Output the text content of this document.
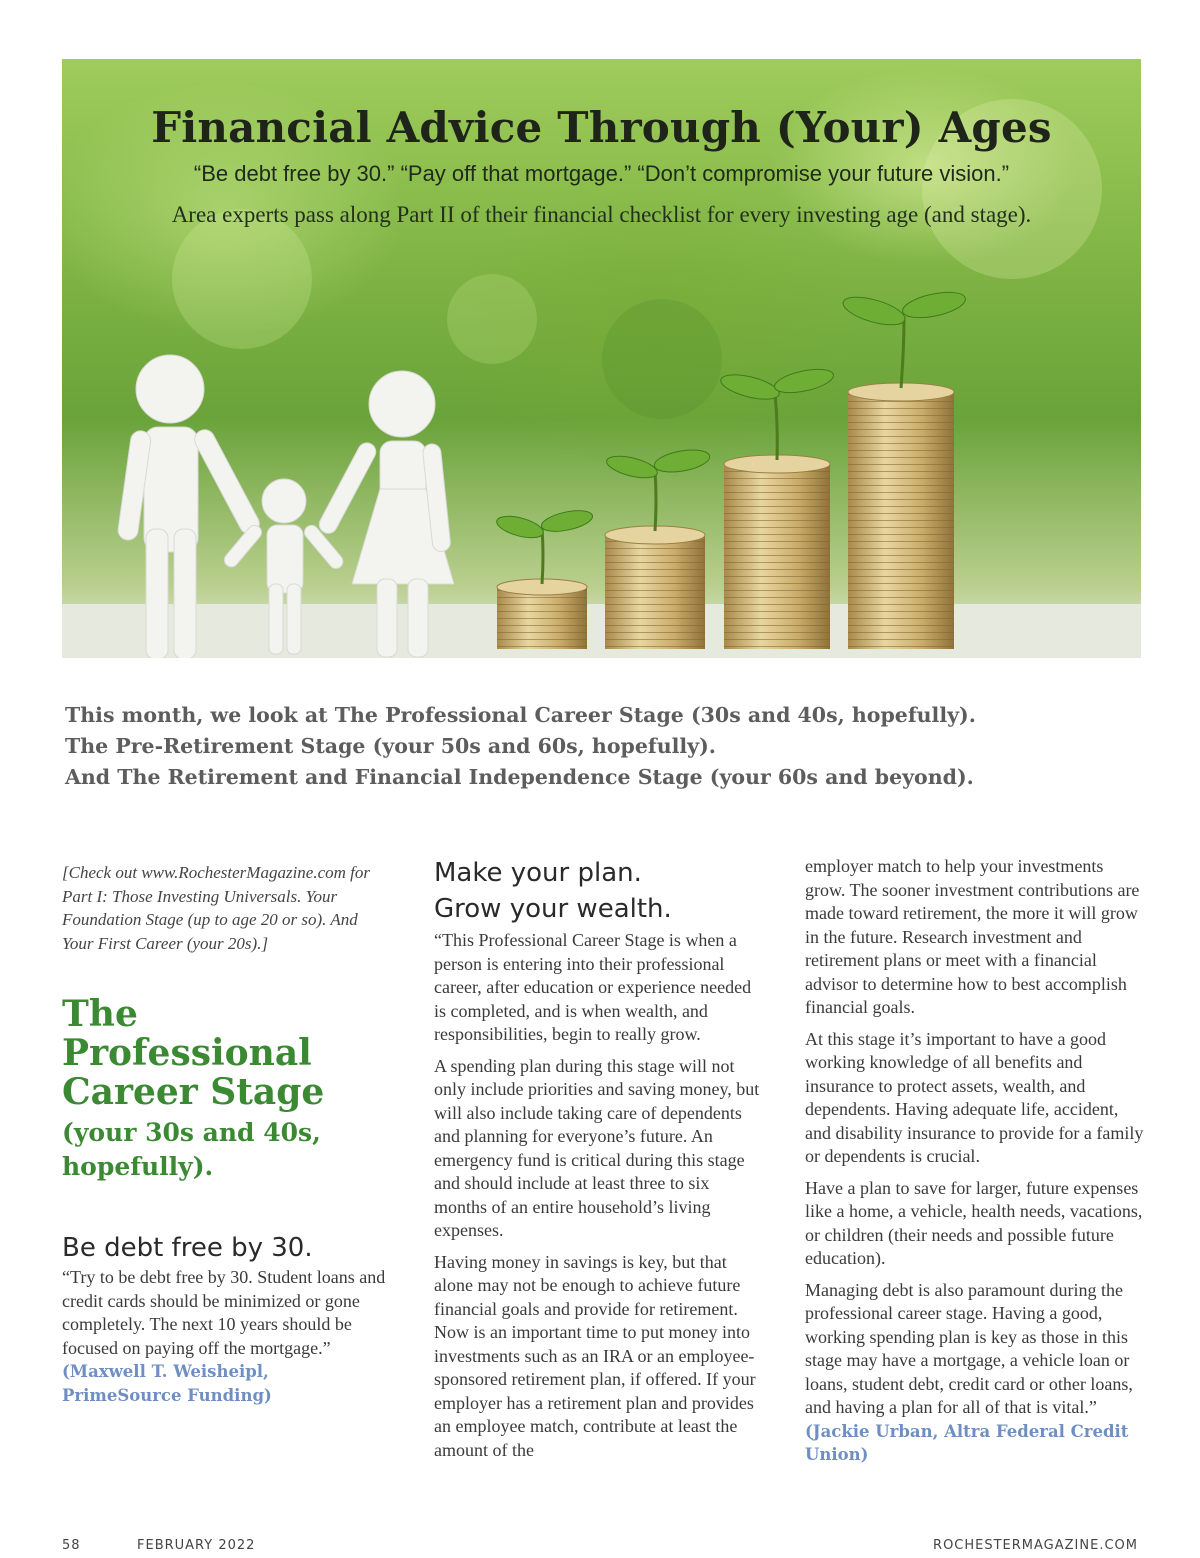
Financial Advice Through (Your) Ages
“Be debt free by 30.” “Pay off that mortgage.” “Don’t compromise your future vision.”
Area experts pass along Part II of their financial checklist for every investing age (and stage).
This month, we look at The Professional Career Stage (30s and 40s, hopefully).
The Pre-Retirement Stage (your 50s and 60s, hopefully).
And The Retirement and Financial Independence Stage (your 60s and beyond).

[Check out www.RochesterMagazine.com for Part I: Those Investing Universals. Your Foundation Stage (up to age 20 or so). And Your First Career (your 20s).]

The
Professional
Career Stage
(your 30s and 40s,
hopefully).
Be debt free by 30.

“Try to be debt free by 30. Student loans and credit cards should be minimized or gone completely. The next 10 years should be focused on paying off the mortgage.” (Maxwell T. Weisheipl, PrimeSource Funding)

Make your plan.
Grow your wealth.

“This Professional Career Stage is when a person is entering into their professional career, after education or experience needed is completed, and is when wealth, and responsibilities, begin to really grow.

A spending plan during this stage will not only include priorities and saving money, but will also include taking care of dependents and planning for everyone’s future. An emergency fund is critical during this stage and should include at least three to six months of an entire household’s living expenses.

Having money in savings is key, but that alone may not be enough to achieve future financial goals and provide for retirement. Now is an important time to put money into investments such as an IRA or an employee-sponsored retirement plan, if offered. If your employer has a retirement plan and provides an employee match, contribute at least the amount of the

employer match to help your investments grow. The sooner investment contributions are made toward retirement, the more it will grow in the future. Research investment and retirement plans or meet with a financial advisor to determine how to best accomplish financial goals.

At this stage it’s important to have a good working knowledge of all benefits and insurance to protect assets, wealth, and dependents. Having adequate life, accident, and disability insurance to provide for a family or dependents is crucial.

Have a plan to save for larger, future expenses like a home, a vehicle, health needs, vacations, or children (their needs and possible future education).

Managing debt is also paramount during the professional career stage. Having a good, working spending plan is key as those in this stage may have a mortgage, a vehicle loan or loans, student debt, credit card or other loans, and having a plan for all of that is vital.” (Jackie Urban, Altra Federal Credit Union)

58	FEBRUARY 2022	ROCHESTERMAGAZINE.COM
